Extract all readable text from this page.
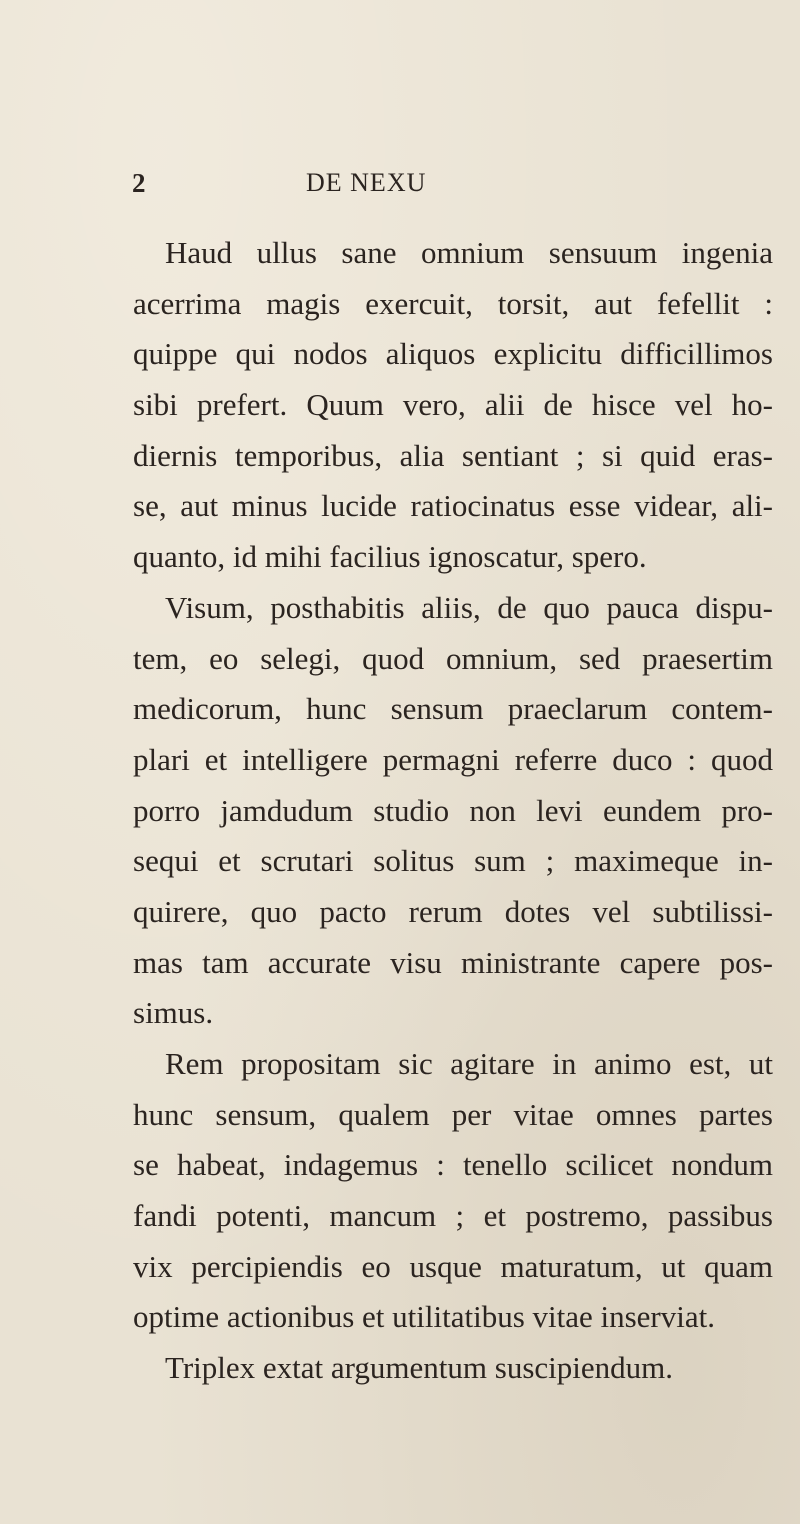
2	DE NEXU
Haud ullus sane omnium sensuum ingenia
acerrima magis exercuit, torsit, aut fefellit :
quippe qui nodos aliquos explicitu difficillimos
sibi prefert. Quum vero, alii de hisce vel ho-
diernis temporibus, alia sentiant ; si quid eras-
se, aut minus lucide ratiocinatus esse videar, ali-
quanto, id mihi facilius ignoscatur, spero.
Visum, posthabitis aliis, de quo pauca dispu-
tem, eo selegi, quod omnium, sed praesertim
medicorum, hunc sensum praeclarum contem-
plari et intelligere permagni referre duco : quod
porro jamdudum studio non levi eundem pro-
sequi et scrutari solitus sum ; maximeque in-
quirere, quo pacto rerum dotes vel subtilissi-
mas tam accurate visu ministrante capere pos-
simus.
Rem propositam sic agitare in animo est, ut
hunc sensum, qualem per vitae omnes partes
se habeat, indagemus : tenello scilicet nondum
fandi potenti, mancum ; et postremo, passibus
vix percipiendis eo usque maturatum, ut quam
optime actionibus et utilitatibus vitae inserviat.
Triplex extat argumentum suscipiendum.
